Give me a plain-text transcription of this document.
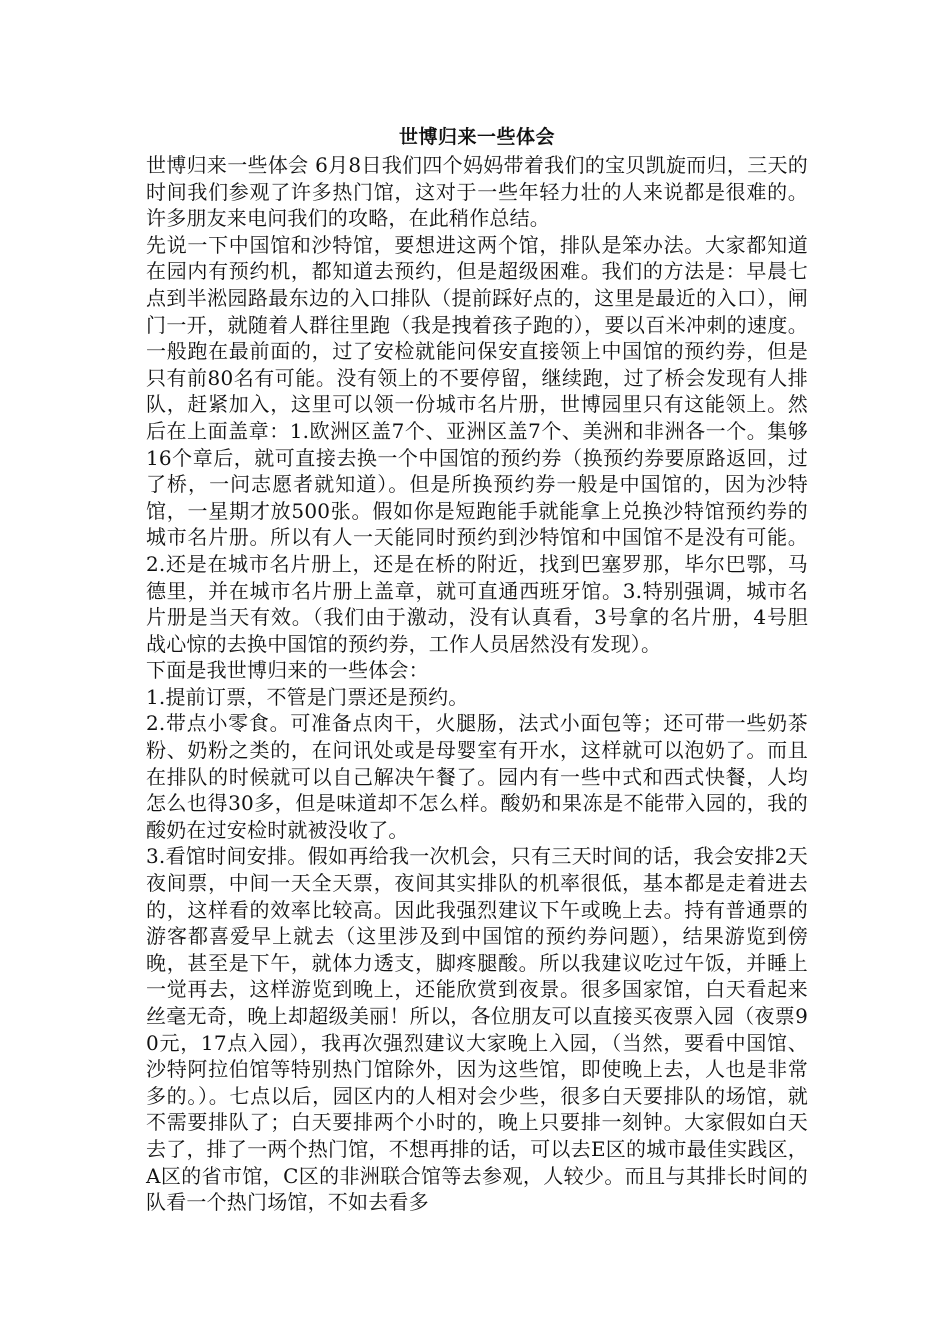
世博归来一些体会

世博归来一些体会 6月8日我们四个妈妈带着我们的宝贝凯旋而归，三天的时间我们参观了许多热门馆，这对于一些年轻力壮的人来说都是很难的。许多朋友来电问我们的攻略，在此稍作总结。

先说一下中国馆和沙特馆，要想进这两个馆，排队是笨办法。大家都知道在园内有预约机，都知道去预约，但是超级困难。我们的方法是：早晨七点到半淞园路最东边的入口排队（提前踩好点的，这里是最近的入口），闸门一开，就随着人群往里跑（我是拽着孩子跑的），要以百米冲刺的速度。一般跑在最前面的，过了安检就能问保安直接领上中国馆的预约券，但是只有前80名有可能。没有领上的不要停留，继续跑，过了桥会发现有人排队，赶紧加入，这里可以领一份城市名片册，世博园里只有这能领上。然后在上面盖章：1.欧洲区盖7个、亚洲区盖7个、美洲和非洲各一个。集够16个章后，就可直接去换一个中国馆的预约券（换预约券要原路返回，过了桥，一问志愿者就知道）。但是所换预约券一般是中国馆的，因为沙特馆，一星期才放500张。假如你是短跑能手就能拿上兑换沙特馆预约券的城市名片册。所以有人一天能同时预约到沙特馆和中国馆不是没有可能。2.还是在城市名片册上，还是在桥的附近，找到巴塞罗那，毕尔巴鄂，马德里，并在城市名片册上盖章，就可直通西班牙馆。3.特别强调，城市名片册是当天有效。（我们由于激动，没有认真看，3号拿的名片册，4号胆战心惊的去换中国馆的预约券，工作人员居然没有发现）。

下面是我世博归来的一些体会：

1.提前订票，不管是门票还是预约。

2.带点小零食。可准备点肉干，火腿肠，法式小面包等；还可带一些奶茶粉、奶粉之类的，在问讯处或是母婴室有开水，这样就可以泡奶了。而且在排队的时候就可以自己解决午餐了。园内有一些中式和西式快餐，人均怎么也得30多，但是味道却不怎么样。酸奶和果冻是不能带入园的，我的酸奶在过安检时就被没收了。

3.看馆时间安排。假如再给我一次机会，只有三天时间的话，我会安排2天夜间票，中间一天全天票，夜间其实排队的机率很低，基本都是走着进去的，这样看的效率比较高。因此我强烈建议下午或晚上去。持有普通票的游客都喜爱早上就去（这里涉及到中国馆的预约券问题），结果游览到傍晚，甚至是下午，就体力透支，脚疼腿酸。所以我建议吃过午饭，并睡上一觉再去，这样游览到晚上，还能欣赏到夜景。很多国家馆，白天看起来丝毫无奇，晚上却超级美丽！所以，各位朋友可以直接买夜票入园（夜票90元，17点入园），我再次强烈建议大家晚上入园，（当然，要看中国馆、沙特阿拉伯馆等特别热门馆除外，因为这些馆，即使晚上去，人也是非常多的。）。七点以后，园区内的人相对会少些，很多白天要排队的场馆，就不需要排队了；白天要排两个小时的，晚上只要排一刻钟。大家假如白天去了，排了一两个热门馆，不想再排的话，可以去E区的城市最佳实践区，A区的省市馆，C区的非洲联合馆等去参观，人较少。而且与其排长时间的队看一个热门场馆，不如去看多
